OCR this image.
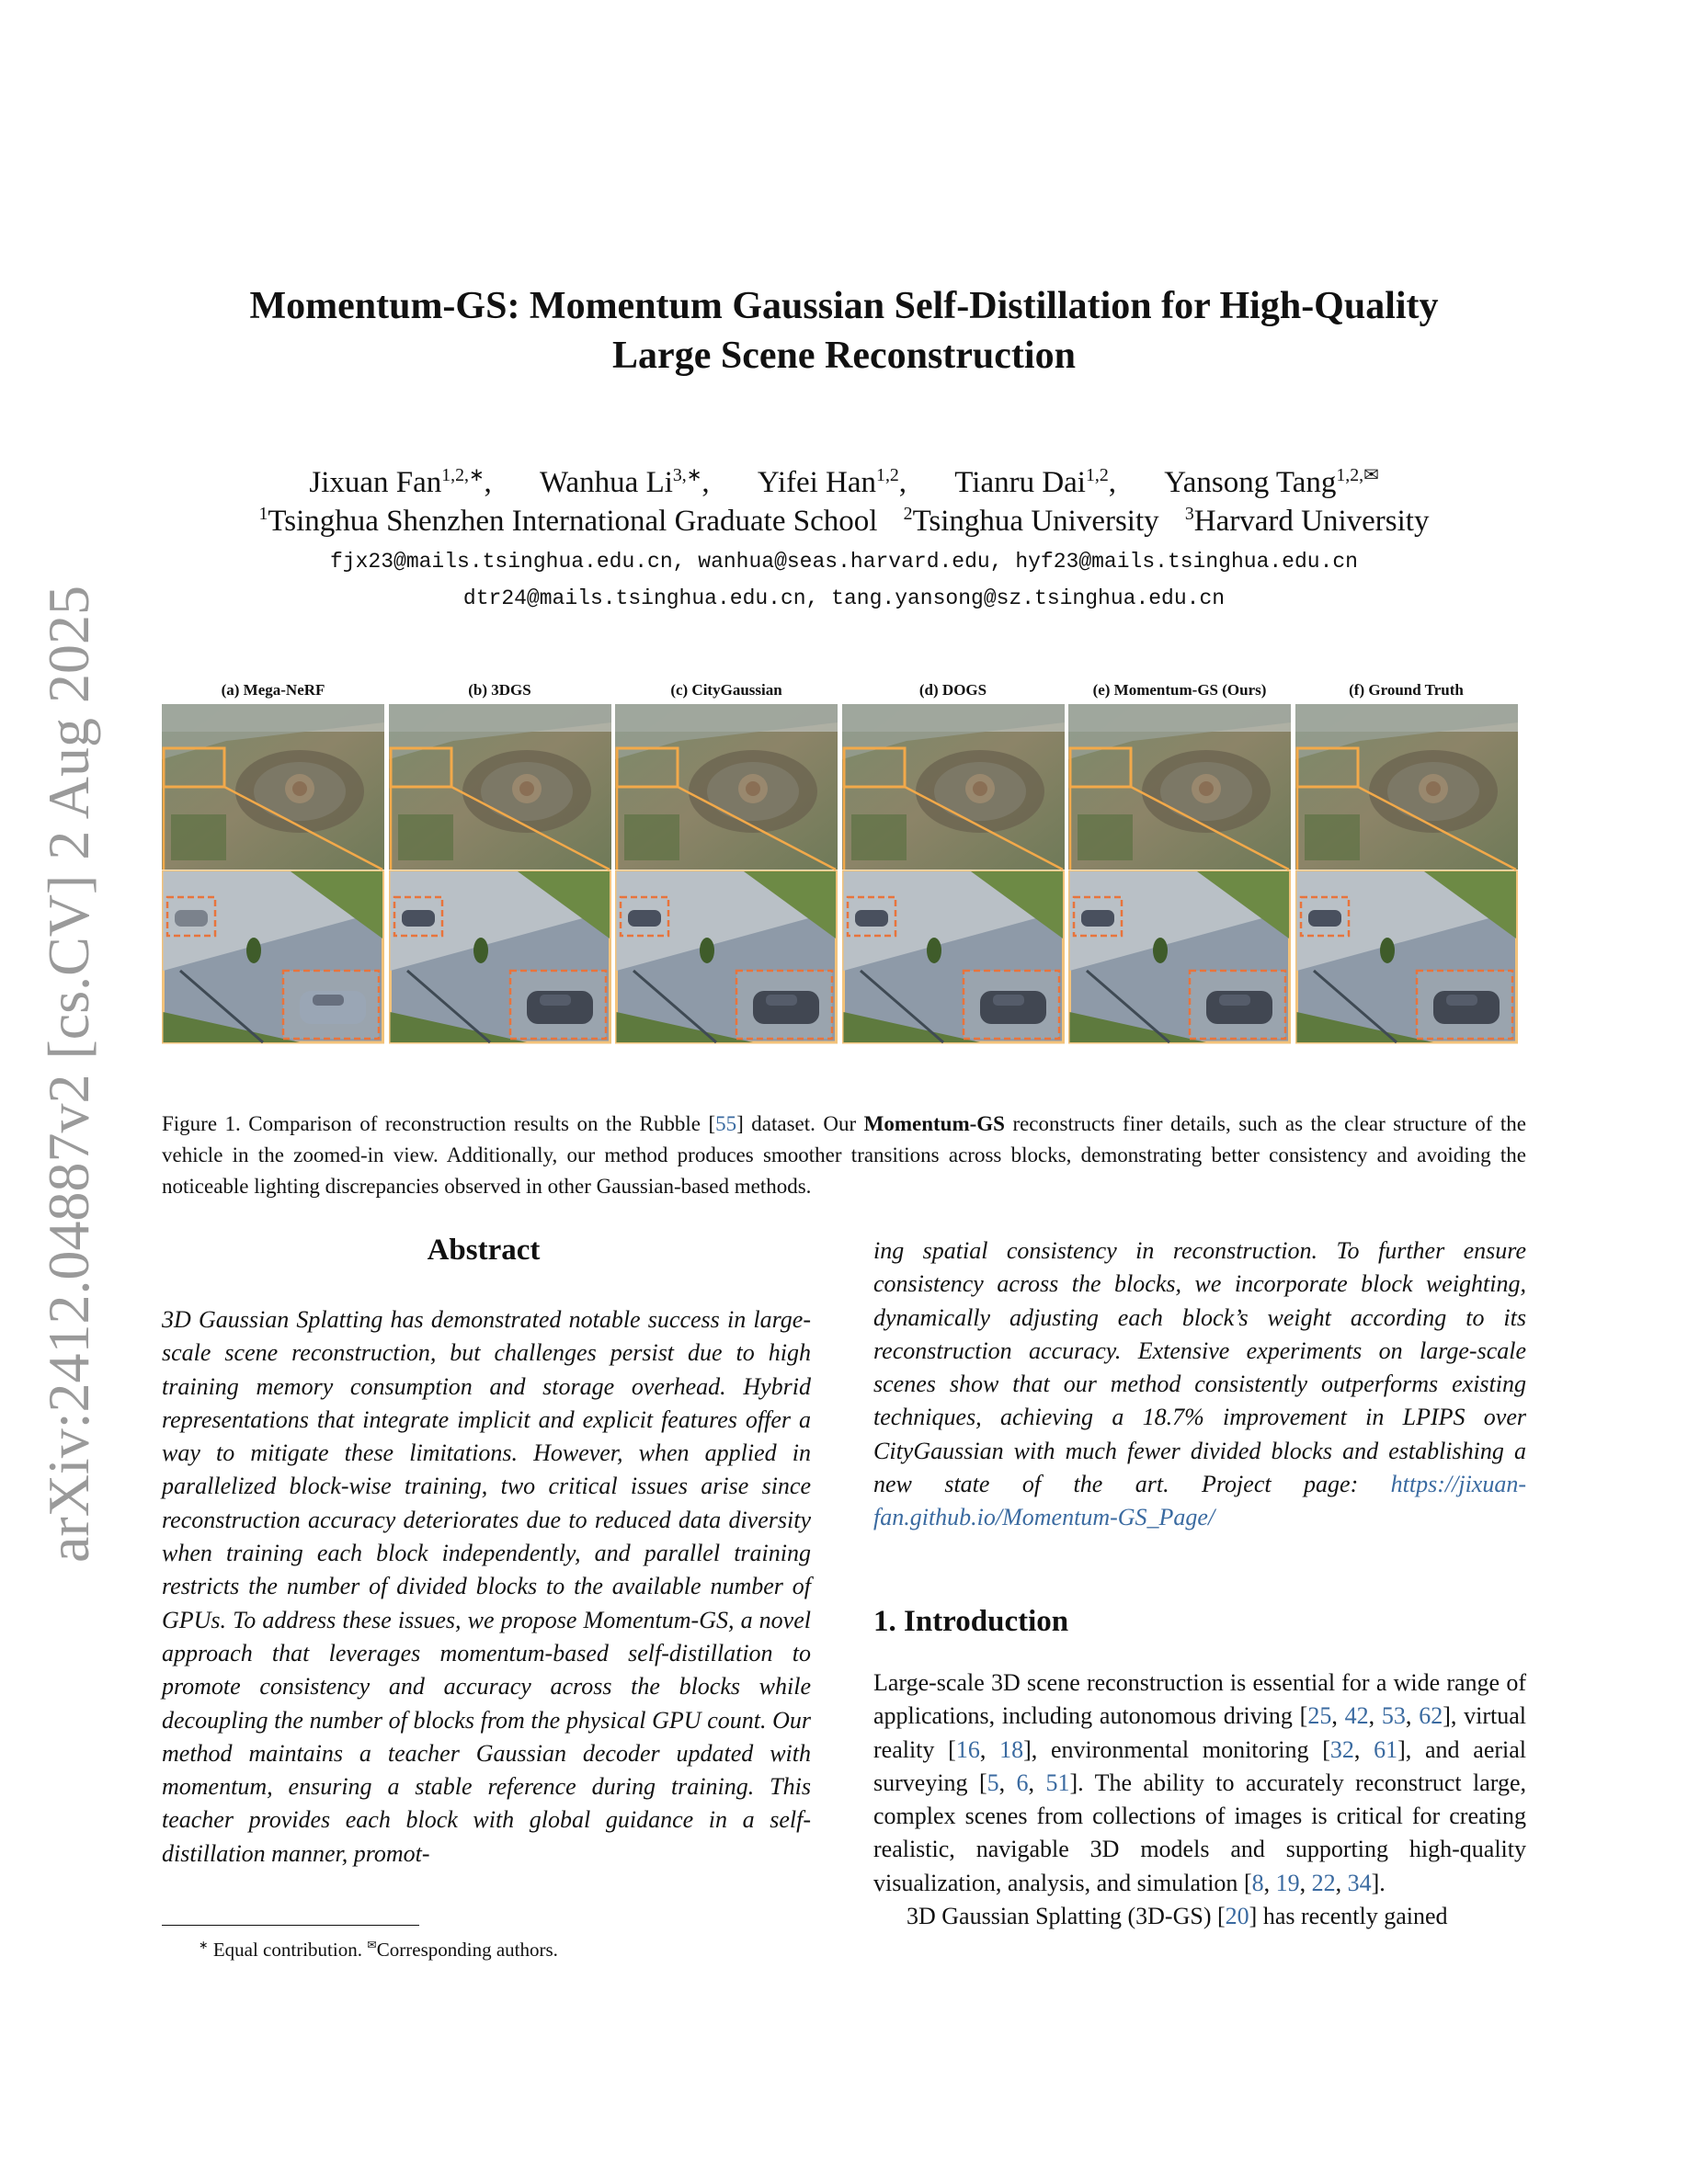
Momentum-GS: Momentum Gaussian Self-Distillation for High-Quality
Large Scene Reconstruction
Jixuan Fan$^{1,2,∗}$, Wanhua $Li^{3,∗}$, Yifei Han$^{1,2}$, Tianru Dai$^{1,2}$, Yansong Tang$^{1,2,✉}$
$^1$Tsinghua Shenzhen International Graduate School $^2$Tsinghua University $^3$Harvard University
fjx23@mails.tsinghua.edu.cn, wanhua@seas.harvard.edu, hyf23@mails.tsinghua.edu.cn
dtr24@mails.tsinghua.edu.cn, tang.yansong@sz.tsinghua.edu.cn
arXiv:2412.04887v2 [cs.CV] 2 Aug 2025	(a) Mega-NeRF	(b) 3DGS	(c) CityGaussian	(d) DOGS	(e) Momentum-GS (Ours)	(f) Ground Truth
Figure 1. Comparison of reconstruction results on the Rubble [55] dataset. Our Momentum-GS reconstructs finer details, such as the clear structure of the vehicle in the zoomed-in view. Additionally, our method produces smoother transitions across blocks, demonstrating better consistency and avoiding the noticeable lighting discrepancies observed in other Gaussian-based methods.
Abstract
3D Gaussian Splatting has demonstrated notable success in large-scale scene reconstruction, but challenges persist due to high training memory consumption and storage overhead. Hybrid representations that integrate implicit and explicit features offer a way to mitigate these limitations. However, when applied in parallelized block-wise training, two critical issues arise since reconstruction accuracy deteriorates due to reduced data diversity when training each block independently, and parallel training restricts the number of divided blocks to the available number of GPUs. To address these issues, we propose Momentum-GS, a novel approach that leverages momentum-based self-distillation to promote consistency and accuracy across the blocks while decoupling the number of blocks from the physical GPU count. Our method maintains a teacher Gaussian decoder updated with momentum, ensuring a stable reference during training. This teacher provides each block with global guidance in a self-distillation manner, promot-
ing spatial consistency in reconstruction. To further ensure consistency across the blocks, we incorporate block weighting, dynamically adjusting each block’s weight according to its reconstruction accuracy. Extensive experiments on large-scale scenes show that our method consistently outperforms existing techniques, achieving a 18.7% improvement in LPIPS over CityGaussian with much fewer divided blocks and establishing a new state of the art. Project page: https://jixuan-fan.github.io/Momentum-GS_Page/
1. Introduction

Large-scale 3D scene reconstruction is essential for a wide range of applications, including autonomous driving [25, 42, 53, 62], virtual reality [16, 18], environmental monitoring [32, 61], and aerial surveying [5, 6, 51]. The ability to accurately reconstruct large, complex scenes from collections of images is critical for creating realistic, navigable 3D models and supporting high-quality visualization, analysis, and simulation [8, 19, 22, 34].

3D Gaussian Splatting (3D-GS) [20] has recently gained

∗ Equal contribution. ✉Corresponding authors.
